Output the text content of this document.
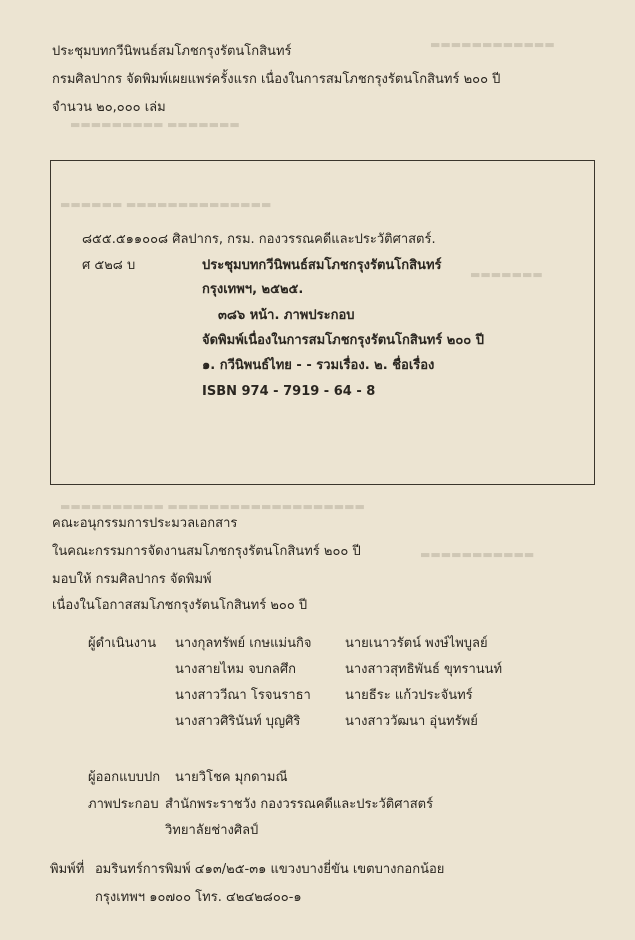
▬▬▬▬▬▬▬▬▬▬▬▬
▬▬▬▬▬▬▬▬▬ ▬▬▬▬▬▬▬
▬▬▬▬▬▬ ▬▬▬▬▬▬▬▬▬▬▬▬▬▬
▬▬▬▬▬▬▬
▬▬▬▬▬▬▬▬▬▬ ▬▬▬▬▬▬▬▬▬▬▬▬▬▬▬▬▬▬▬
▬▬▬▬▬▬▬▬▬▬▬
ประชุมบทกวีนิพนธ์สมโภชกรุงรัตนโกสินทร์
กรมศิลปากร จัดพิมพ์เผยแพร่ครั้งแรก เนื่องในการสมโภชกรุงรัตนโกสินทร์ ๒๐๐ ปี
จำนวน ๒๐,๐๐๐ เล่ม
๘๕๕.๕๑๑๐๐๘ ศิลปากร, กรม. กองวรรณคดีและประวัติศาสตร์.
ศ ๕๒๘ บ	ประชุมบทกวีนิพนธ์สมโภชกรุงรัตนโกสินทร์
กรุงเทพฯ, ๒๕๒๕.
๓๘๖ หน้า. ภาพประกอบ
จัดพิมพ์เนื่องในการสมโภชกรุงรัตนโกสินทร์ ๒๐๐ ปี
๑. กวีนิพนธ์ไทย - - รวมเรื่อง. ๒. ชื่อเรื่อง
ISBN 974 - 7919 - 64 - 8
คณะอนุกรรมการประมวลเอกสาร
ในคณะกรรมการจัดงานสมโภชกรุงรัตนโกสินทร์ ๒๐๐ ปี
มอบให้ กรมศิลปากร จัดพิมพ์
เนื่องในโอกาสสมโภชกรุงรัตนโกสินทร์ ๒๐๐ ปี
ผู้ดำเนินงาน นางกุลทรัพย์ เกษแม่นกิจ	นายเนาวรัตน์ พงษ์ไพบูลย์
นางสายไหม จบกลศึก	นางสาวสุทธิพันธ์ ขุทรานนท์
นางสาววีณา โรจนราธา	นายธีระ แก้วประจันทร์
นางสาวศิรินันท์ บุญศิริ	นางสาววัฒนา อุ่นทรัพย์
ผู้ออกแบบปก นายวิโชค มุกดามณี
ภาพประกอบ สำนักพระราชวัง กองวรรณคดีและประวัติศาสตร์
วิทยาลัยช่างศิลป์
พิมพ์ที่ อมรินทร์การพิมพ์ ๔๑๓/๒๕-๓๑ แขวงบางยี่ขัน เขตบางกอกน้อย
กรุงเทพฯ ๑๐๗๐๐ โทร. ๔๒๔๒๘๐๐-๑
